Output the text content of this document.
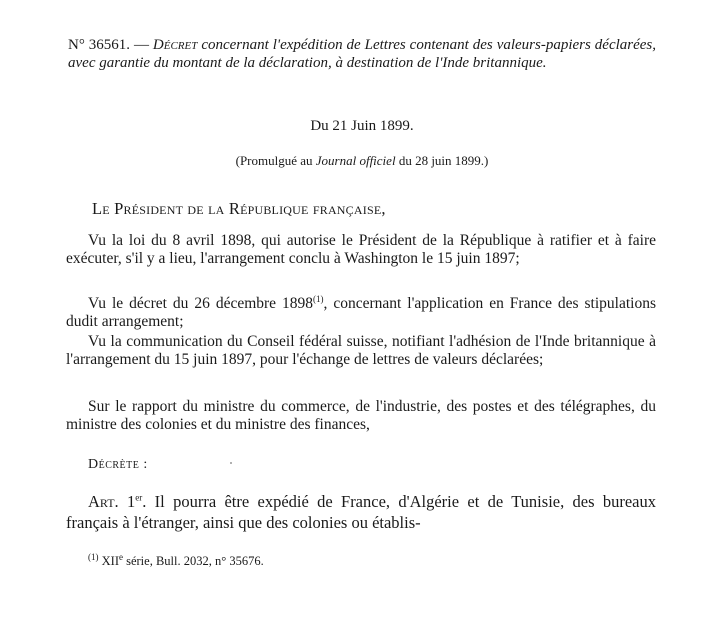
N° 36561. — Décret concernant l'expédition de Lettres contenant des valeurs-papiers déclarées, avec garantie du montant de la déclaration, à destination de l'Inde britannique.

Du 21 Juin 1899.
(Promulgué au Journal officiel du 28 juin 1899.)
Le Président de la République française,

Vu la loi du 8 avril 1898, qui autorise le Président de la République à ratifier et à faire exécuter, s'il y a lieu, l'arrangement conclu à Washington le 15 juin 1897;

Vu le décret du 26 décembre 1898$^{(1)}$, concernant l'application en France des stipulations dudit arrangement;

Vu la communication du Conseil fédéral suisse, notifiant l'adhésion de l'Inde britannique à l'arrangement du 15 juin 1897, pour l'échange de lettres de valeurs déclarées;

Sur le rapport du ministre du commerce, de l'industrie, des postes et des télégraphes, du ministre des colonies et du ministre des finances,

Décrète :

Art. 1er. Il pourra être expédié de France, d'Algérie et de Tunisie, des bureaux français à l'étranger, ainsi que des colonies ou établis-

$^{(1)}$ XIIe série, Bull. 2032, n° 35676.
